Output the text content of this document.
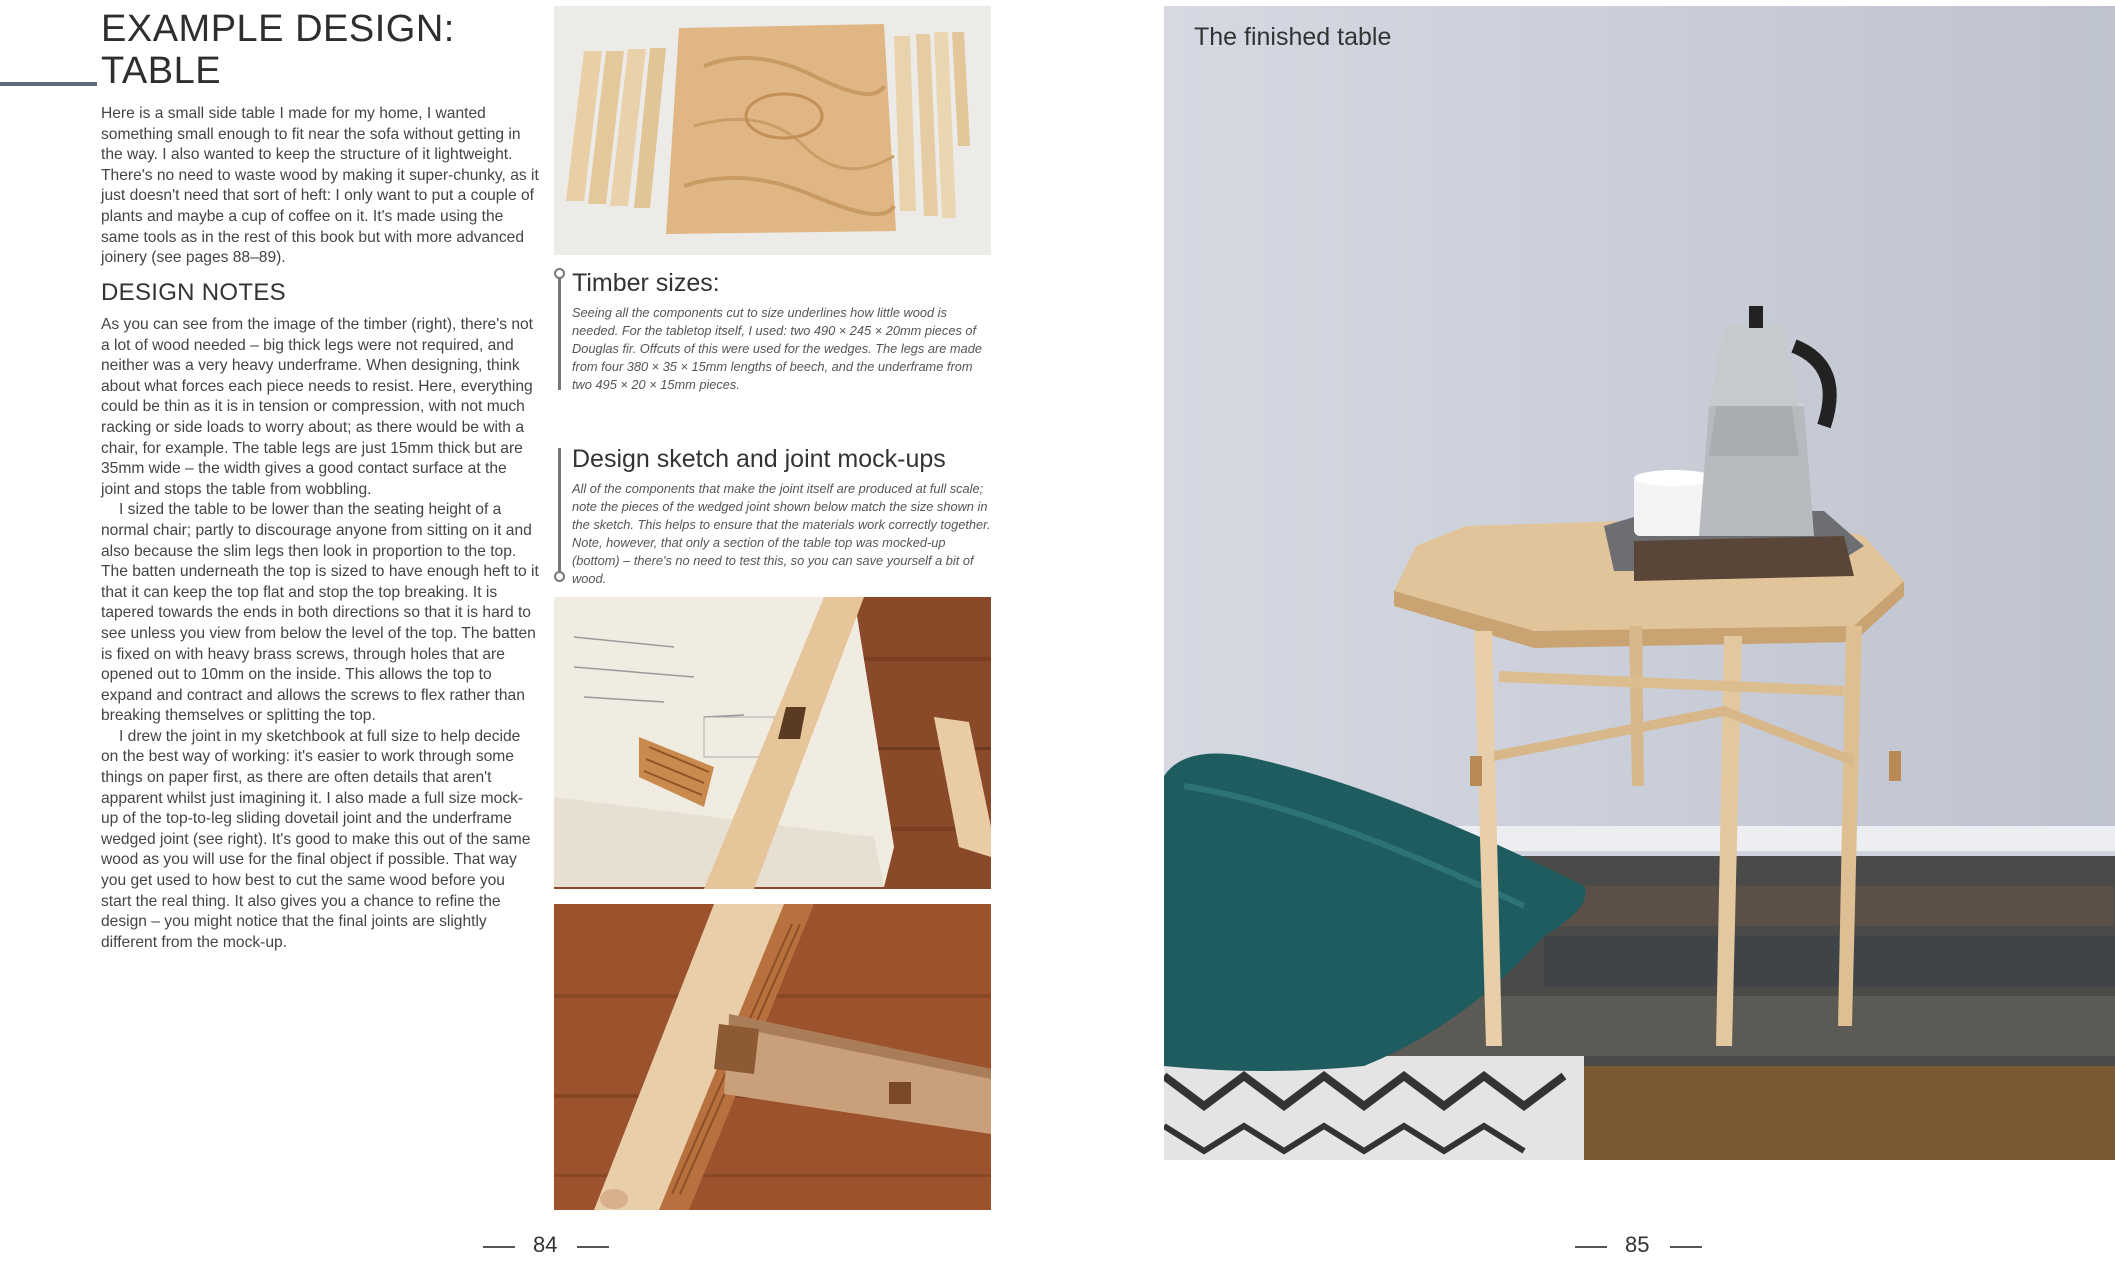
EXAMPLE DESIGN:
TABLE

Here is a small side table I made for my home, I wanted something small enough to fit near the sofa without getting in the way. I also wanted to keep the structure of it lightweight. There's no need to waste wood by making it super-chunky, as it just doesn't need that sort of heft: I only want to put a couple of plants and maybe a cup of coffee on it. It's made using the same tools as in the rest of this book but with more advanced joinery (see pages 88–89).

DESIGN NOTES

As you can see from the image of the timber (right), there's not a lot of wood needed – big thick legs were not required, and neither was a very heavy underframe. When designing, think about what forces each piece needs to resist. Here, everything could be thin as it is in tension or compression, with not much racking or side loads to worry about; as there would be with a chair, for example. The table legs are just 15mm thick but are 35mm wide – the width gives a good contact surface at the joint and stops the table from wobbling.

I sized the table to be lower than the seating height of a normal chair; partly to discourage anyone from sitting on it and also because the slim legs then look in proportion to the top. The batten underneath the top is sized to have enough heft to it that it can keep the top flat and stop the top breaking. It is tapered towards the ends in both directions so that it is hard to see unless you view from below the level of the top. The batten is fixed on with heavy brass screws, through holes that are opened out to 10mm on the inside. This allows the top to expand and contract and allows the screws to flex rather than breaking themselves or splitting the top.

I drew the joint in my sketchbook at full size to help decide on the best way of working: it's easier to work through some things on paper first, as there are often details that aren't apparent whilst just imagining it. I also made a full size mock-up of the top-to-leg sliding dovetail joint and the underframe wedged joint (see right). It's good to make this out of the same wood as you will use for the final object if possible. That way you get used to how best to cut the same wood before you start the real thing. It also gives you a chance to refine the design – you might notice that the final joints are slightly different from the mock-up.

Timber sizes:

Seeing all the components cut to size underlines how little wood is needed. For the tabletop itself, I used: two 490 × 245 × 20mm pieces of Douglas fir. Offcuts of this were used for the wedges. The legs are made from four 380 × 35 × 15mm lengths of beech, and the underframe from two 495 × 20 × 15mm pieces.

Design sketch and joint mock-ups

All of the components that make the joint itself are produced at full scale; note the pieces of the wedged joint shown below match the size shown in the sketch. This helps to ensure that the materials work correctly together. Note, however, that only a section of the table top was mocked-up (bottom) – there's no need to test this, so you can save yourself a bit of wood.

84
The finished table
85
